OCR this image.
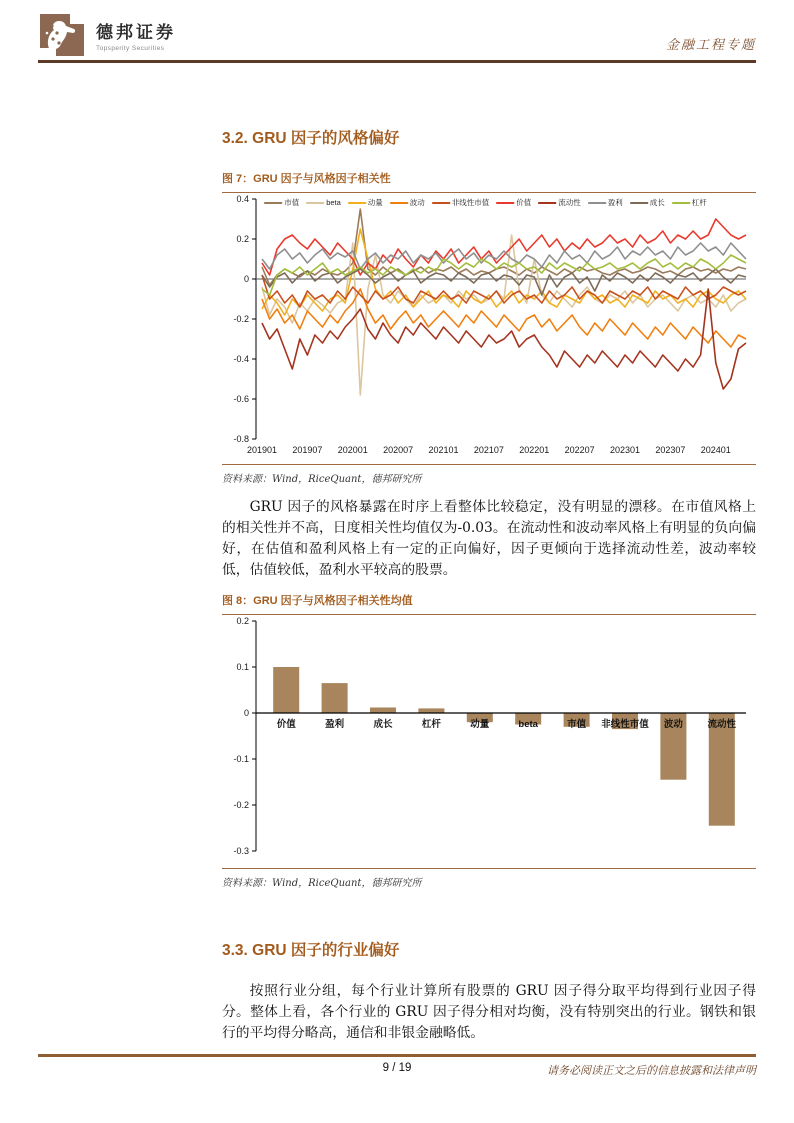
德邦证券
Topsperity Securities	金融工程专题
3.2. GRU 因子的风格偏好
图 7：GRU 因子与风格因子相关性
市值	beta	动量	波动	非线性市值	价值	流动性	盈利	成长	杠杆
0.4
0.2
0
-0.2
-0.4
-0.6
-0.8
201901 201907 202001 202007 202101 202107 202201 202207 202301 202307 202401
资料来源：Wind，RiceQuant，德邦研究所
GRU 因子的风格暴露在时序上看整体比较稳定，没有明显的漂移。在市值风格上的相关性并不高，日度相关性均值仅为-0.03。在流动性和波动率风格上有明显的负向偏好，在估值和盈利风格上有一定的正向偏好，因子更倾向于选择流动性差，波动率较低，估值较低，盈利水平较高的股票。
图 8：GRU 因子与风格因子相关性均值
0.2
0.1
0
-0.1
-0.2
-0.3
价值	盈利	成长	杠杆	动量	beta	市值 非线性市值 波动	流动性
资料来源：Wind，RiceQuant，德邦研究所
3.3. GRU 因子的行业偏好
按照行业分组，每个行业计算所有股票的 GRU 因子得分取平均得到行业因子得分。整体上看，各个行业的 GRU 因子得分相对均衡，没有特别突出的行业。钢铁和银行的平均得分略高，通信和非银金融略低。
9 / 19	请务必阅读正文之后的信息披露和法律声明
